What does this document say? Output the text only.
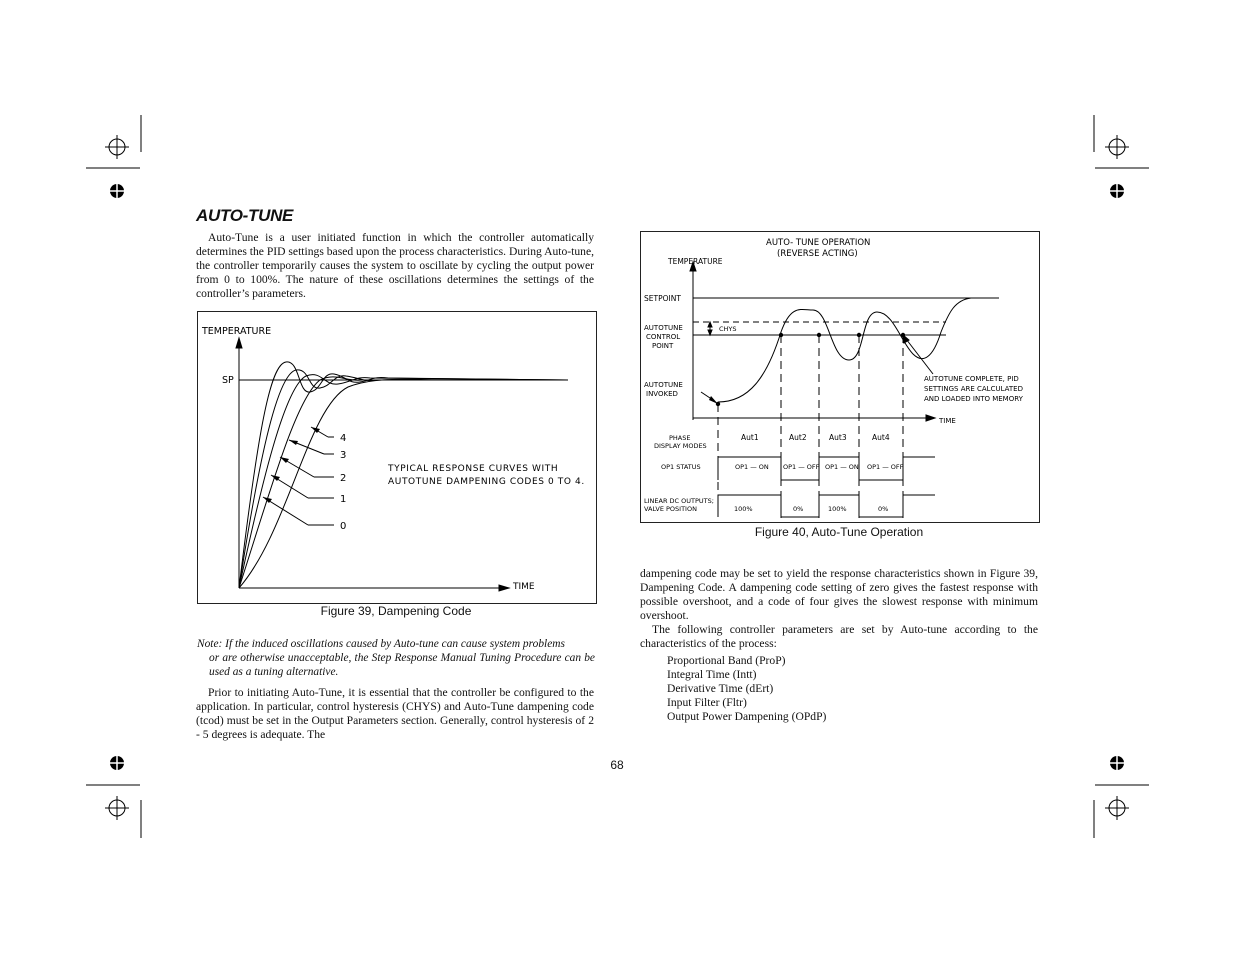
AUTO-TUNE

Auto-Tune is a user initiated function in which the controller automatically determines the PID settings based upon the process characteristics. During Auto-tune, the controller temporarily causes the system to oscillate by cycling the output power from 0 to 100%. The nature of these oscillations determines the settings of the controller’s parameters.

TEMPERATURE
SP
TIME
TYPICAL RESPONSE CURVES WITH
AUTOTUNE DAMPENING CODES 0 TO 4.
4
3
2
1
0
Figure 39, Dampening Code

Note: If the induced oscillations caused by Auto-tune can cause system problems
or are otherwise unacceptable, the Step Response Manual Tuning Procedure can be used as a tuning alternative.

Prior to initiating Auto-Tune, it is essential that the controller be configured to the application. In particular, control hysteresis (CHYS) and Auto-Tune dampening code (tcod) must be set in the Output Parameters section. Generally, control hysteresis of 2 - 5 degrees is adequate. The

AUTO- TUNE OPERATION
(REVERSE ACTING)
TEMPERATURE
SETPOINT
AUTOTUNE
CONTROL
POINT
AUTOTUNE
INVOKED
CHYS
AUTOTUNE COMPLETE, PID
SETTINGS ARE CALCULATED
AND LOADED INTO MEMORY
TIME
PHASE
DISPLAY MODES
Aut1	Aut2	Aut3	Aut4
OP1 STATUS	OP1 — ON OP1 — OFF OP1 — ON OP1 — OFF
LINEAR DC OUTPUTS;
VALVE POSITION	100%	0%	100%	0%
Figure 40, Auto-Tune Operation

dampening code may be set to yield the response characteristics shown in Figure 39, Dampening Code. A dampening code setting of zero gives the fastest response with possible overshoot, and a code of four gives the slowest response with minimum overshoot.

The following controller parameters are set by Auto-tune according to the characteristics of the process:

Proportional Band (ProP)
Integral Time (Intt)
Derivative Time (dErt)
Input Filter (Fltr)
Output Power Dampening (OPdP)
68
